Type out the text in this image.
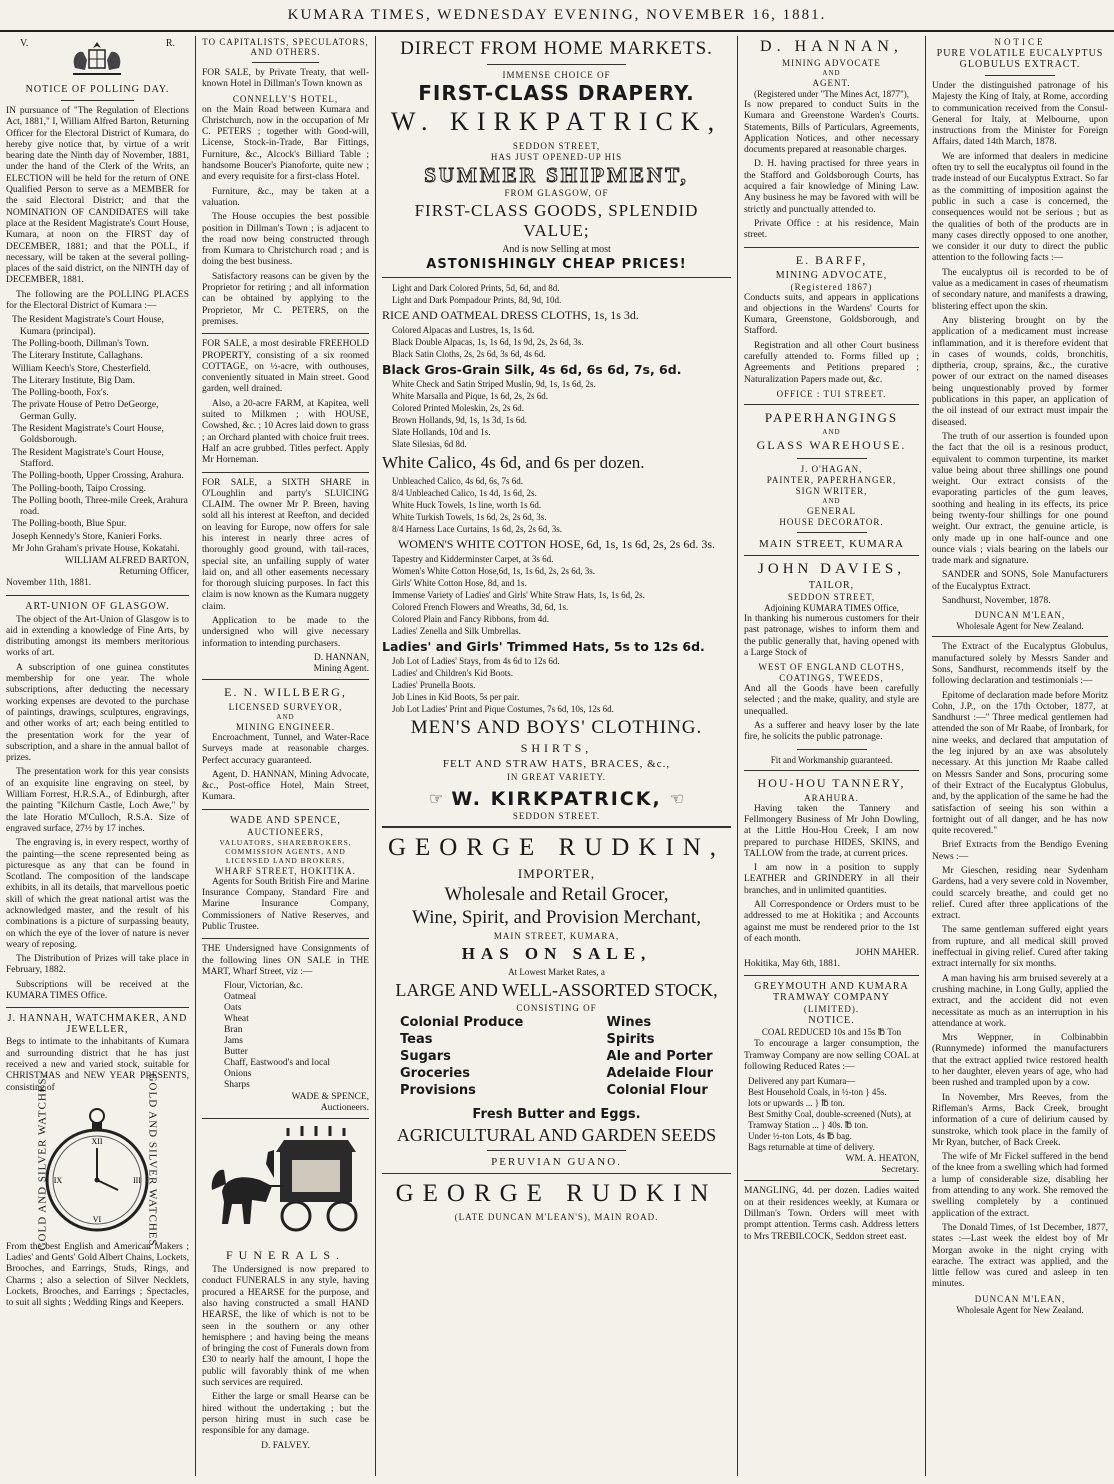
KUMARA TIMES, WEDNESDAY EVENING, NOVEMBER 16, 1881.
V.	R.
NOTICE OF POLLING DAY.

IN pursuance of "The Regulation of Elections Act, 1881," I, William Alfred Barton, Returning Officer for the Electoral District of Kumara, do hereby give notice that, by virtue of a writ bearing date the Ninth day of November, 1881, under the hand of the Clerk of the Writs, an ELECTION will be held for the return of ONE Qualified Person to serve as a MEMBER for the said Electoral District; and that the NOMINATION OF CANDIDATES will take place at the Resident Magistrate's Court House, Kumara, at noon on the FIRST day of DECEMBER, 1881; and that the POLL, if necessary, will be taken at the several polling-places of the said district, on the NINTH day of DECEMBER, 1881.

The following are the POLLING PLACES for the Electoral District of Kumara :—

The Resident Magistrate's Court House, Kumara (principal).

The Polling-booth, Dillman's Town.

The Literary Institute, Callaghans.

William Keech's Store, Chesterfield.

The Literary Institute, Big Dam.

The Polling-booth, Fox's.

The private House of Petro DeGeorge, German Gully.

The Resident Magistrate's Court House, Goldsborough.

The Resident Magistrate's Court House, Stafford.

The Polling-booth, Upper Crossing, Arahura.

The Polling-booth, Taipo Crossing.

The Polling booth, Three-mile Creek, Arahura road.

The Polling-booth, Blue Spur.

Joseph Kennedy's Store, Kanieri Forks.

Mr John Graham's private House, Kokatahi.

WILLIAM ALFRED BARTON,
Returning Officer,

November 11th, 1881.

ART-UNION OF GLASGOW.

The object of the Art-Union of Glasgow is to aid in extending a knowledge of Fine Arts, by distributing amongst its members meritorious works of art.

A subscription of one guinea constitutes membership for one year. The whole subscriptions, after deducting the necessary working expenses are devoted to the purchase of paintings, drawings, sculptures, engravings, and other works of art; each being entitled to the presentation work for the year of subscription, and a share in the annual ballot of prizes.

The presentation work for this year consists of an exquisite line engraving on steel, by William Forrest, H.R.S.A., of Edinburgh, after the painting "Kilchurn Castle, Loch Awe," by the late Horatio M'Culloch, R.S.A. Size of engraved surface, 27½ by 17 inches.

The engraving is, in every respect, worthy of the painting—the scene represented being as picturesque as any that can be found in Scotland. The composition of the landscape exhibits, in all its details, that marvellous poetic skill of which the great national artist was the acknowledged master, and the result of his combinations is a picture of surpassing beauty, on which the eye of the lover of nature is never weary of reposing.

The Distribution of Prizes will take place in February, 1882.

Subscriptions will be received at the KUMARA TIMES Office.

J. HANNAH, WATCHMAKER, AND JEWELLER,

Begs to intimate to the inhabitants of Kumara and surrounding district that he has just received a new and varied stock, suitable for CHRISTMAS and NEW YEAR PRESENTS, consisting of

GOLD AND SILVER WATCHES,	XII
III
VI
IX	GOLD AND SILVER WATCHES,

From the best English and American Makers ; Ladies' and Gents' Gold Albert Chains, Lockets, Brooches, and Earrings, Studs, Rings, and Charms ; also a selection of Silver Necklets, Lockets, Brooches, and Earrings ; Spectacles, to suit all sights ; Wedding Rings and Keepers.

TO CAPITALISTS, SPECULATORS, AND OTHERS.

FOR SALE, by Private Treaty, that well-known Hotel in Dillman's Town known as

CONNELLY'S HOTEL,

on the Main Road between Kumara and Christchurch, now in the occupation of Mr C. PETERS ; together with Good-will, License, Stock-in-Trade, Bar Fittings, Furniture, &c., Alcock's Billiard Table ; handsome Boucer's Pianoforte, quite new ; and every requisite for a first-class Hotel.

Furniture, &c., may be taken at a valuation.

The House occupies the best possible position in Dillman's Town ; is adjacent to the road now being constructed through from Kumara to Christchurch road ; and is doing the best business.

Satisfactory reasons can be given by the Proprietor for retiring ; and all information can be obtained by applying to the Proprietor, Mr C. PETERS, on the premises.

FOR SALE, a most desirable FREEHOLD PROPERTY, consisting of a six roomed COTTAGE, on ½-acre, with outhouses, conveniently situated in Main street. Good garden, well drained.

Also, a 20-acre FARM, at Kapitea, well suited to Milkmen ; with HOUSE, Cowshed, &c. ; 10 Acres laid down to grass ; an Orchard planted with choice fruit trees. Half an acre grubbed. Titles perfect. Apply Mr Horneman.

FOR SALE, a SIXTH SHARE in O'Loughlin and party's SLUICING CLAIM. The owner Mr P. Breen, having sold all his interest at Reefton, and decided on leaving for Europe, now offers for sale his interest in nearly three acres of thoroughly good ground, with tail-races, special site, an unfailing supply of water laid on, and all other easements necessary for thorough sluicing purposes. In fact this claim is now known as the Kumara nuggety claim.

Application to be made to the undersigned who will give necessary information to intending purchasers.

D. HANNAN,
Mining Agent.
E. N. WILLBERG,
LICENSED SURVEYOR,
AND
MINING ENGINEER.

Encroachment, Tunnel, and Water-Race Surveys made at reasonable charges. Perfect accuracy guaranteed.

Agent, D. HANNAN, Mining Advocate, &c., Post-office Hotel, Main Street, Kumara.

WADE AND SPENCE,
AUCTIONEERS,
VALUATORS, SHAREBROKERS, COMMISSION AGENTS, AND LICENSED LAND BROKERS,
WHARF STREET, HOKITIKA.

Agents for South British Fire and Marine Insurance Company, Standard Fire and Marine Insurance Company, Commissioners of Native Reserves, and Public Trustee.

THE Undersigned have Consignments of the following lines ON SALE in THE MART, Wharf Street, viz :—

Flour, Victorian, &c.
Oatmeal
Oats
Wheat
Bran
Jams
Butter
Chaff, Eastwood's and local
Onions
Sharps
WADE & SPENCE,
Auctioneers.
FUNERALS.

The Undersigned is now prepared to conduct FUNERALS in any style, having procured a HEARSE for the purpose, and also having constructed a small HAND HEARSE, the like of which is not to be seen in the southern or any other hemisphere ; and having being the means of bringing the cost of Funerals down from £30 to nearly half the amount, I hope the public will favorably think of me when such services are required.

Either the large or small Hearse can be hired without the undertaking ; but the person hiring must in such case be responsible for any damage.

D. FALVEY.
DIRECT FROM HOME MARKETS.
IMMENSE CHOICE OF
FIRST-CLASS DRAPERY.
W. KIRKPATRICK,
SEDDON STREET,
HAS JUST OPENED-UP HIS
SUMMER SHIPMENT,
FROM GLASGOW, OF
FIRST-CLASS GOODS, SPLENDID VALUE;
And is now Selling at most
ASTONISHINGLY CHEAP PRICES!
Light and Dark Colored Prints, 5d, 6d, and 8d.
Light and Dark Pompadour Prints, 8d, 9d, 10d.
RICE AND OATMEAL DRESS CLOTHS, 1s, 1s 3d.
Colored Alpacas and Lustres, 1s, 1s 6d.
Black Double Alpacas, 1s, 1s 6d, 1s 9d, 2s, 2s 6d, 3s.
Black Satin Cloths, 2s, 2s 6d, 3s 6d, 4s 6d.
Black Gros-Grain Silk, 4s 6d, 6s 6d, 7s, 6d.
White Check and Satin Striped Muslin, 9d, 1s, 1s 6d, 2s.
White Marsalla and Pique, 1s 6d, 2s, 2s 6d.
Colored Printed Moleskin, 2s, 2s 6d.
Brown Hollands, 9d, 1s, 1s 3d, 1s 6d.
Slate Hollands, 10d and 1s.
Slate Silesias, 6d 8d.
White Calico, 4s 6d, and 6s per dozen.
Unbleached Calico, 4s 6d, 6s, 7s 6d.
8/4 Unbleached Calico, 1s 4d, 1s 6d, 2s.
White Huck Towels, 1s line, worth 1s 6d.
White Turkish Towels, 1s 6d, 2s, 2s 6d, 3s.
8/4 Harness Lace Curtains, 1s 6d, 2s, 2s 6d, 3s.
WOMEN'S WHITE COTTON HOSE, 6d, 1s, 1s 6d, 2s, 2s 6d. 3s.
Tapestry and Kidderminster Carpet, at 3s 6d.
Women's White Cotton Hose,6d, 1s, 1s 6d, 2s, 2s 6d, 3s.
Girls' White Cotton Hose, 8d, and 1s.
Immense Variety of Ladies' and Girls' White Straw Hats, 1s, 1s 6d, 2s.
Colored French Flowers and Wreaths, 3d, 6d, 1s.
Colored Plain and Fancy Ribbons, from 4d.
Ladies' Zenella and Silk Umbrellas.
Ladies' and Girls' Trimmed Hats, 5s to 12s 6d.
Job Lot of Ladies' Stays, from 4s 6d to 12s 6d.
Ladies' and Children's Kid Boots.
Ladies' Prunella Boots.
Job Lines in Kid Boots, 5s per pair.
Job Lot Ladies' Print and Pique Costumes, 7s 6d, 10s, 12s 6d.
MEN'S AND BOYS' CLOTHING.
SHIRTS,
FELT AND STRAW HATS, BRACES, &c.,
IN GREAT VARIETY.
☞ W. KIRKPATRICK, ☜
SEDDON STREET.
GEORGE RUDKIN,
IMPORTER,
Wholesale and Retail Grocer,
Wine, Spirit, and Provision Merchant,
MAIN STREET, KUMARA,
HAS ON SALE,
At Lowest Market Rates, a
LARGE AND WELL-ASSORTED STOCK,
CONSISTING OF
Colonial Produce
Teas
Sugars
Groceries
Provisions
Wines
Spirits
Ale and Porter
Adelaide Flour
Colonial Flour
Fresh Butter and Eggs.
AGRICULTURAL AND GARDEN SEEDS
PERUVIAN GUANO.
GEORGE RUDKIN
(LATE DUNCAN M'LEAN'S), MAIN ROAD.
D. HANNAN,
MINING ADVOCATE
AND
AGENT.
(Registered under "The Mines Act, 1877"),

Is now prepared to conduct Suits in the Kumara and Greenstone Warden's Courts. Statements, Bills of Particulars, Agreements, Application Notices, and other necessary documents prepared at reasonable charges.

D. H. having practised for three years in the Stafford and Goldsborough Courts, has acquired a fair knowledge of Mining Law. Any business he may be favored with will be strictly and punctually attended to.

Private Office : at his residence, Main street.

E. BARFF,
MINING ADVOCATE,
(Registered 1867)

Conducts suits, and appears in applications and objections in the Wardens' Courts for Kumara, Greenstone, Goldsborough, and Stafford.

Registration and all other Court business carefully attended to. Forms filled up ; Agreements and Petitions prepared ; Naturalization Papers made out, &c.

OFFICE : TUI STREET.
PAPERHANGINGS
AND
GLASS WAREHOUSE.
J. O'HAGAN,
PAINTER, PAPERHANGER,
SIGN WRITER,
AND
GENERAL
HOUSE DECORATOR.
MAIN STREET, KUMARA
JOHN DAVIES,
TAILOR,
SEDDON STREET,
Adjoining KUMARA TIMES Office,

In thanking his numerous customers for their past patronage, wishes to inform them and the public generally that, having opened with a Large Stock of

WEST OF ENGLAND CLOTHS,
COATINGS, TWEEDS,

And all the Goods have been carefully selected ; and the make, quality, and style are unequalled.

As a sufferer and heavy loser by the late fire, he solicits the public patronage.

Fit and Workmanship guaranteed.
HOU-HOU TANNERY,
ARAHURA.

Having taken the Tannery and Fellmongery Business of Mr John Dowling, at the Little Hou-Hou Creek, I am now prepared to purchase HIDES, SKINS, and TALLOW from the trade, at current prices.

I am now in a position to supply LEATHER and GRINDERY in all their branches, and in unlimited quantities.

All Correspondence or Orders must to be addressed to me at Hokitika ; and Accounts against me must be rendered prior to the 1st of each month.

JOHN MAHER.

Hokitika, May 6th, 1881.

GREYMOUTH AND KUMARA TRAMWAY COMPANY
(LIMITED).
NOTICE.
COAL REDUCED 10s and 15s ℔ Ton

To encourage a larger consumption, the Tramway Company are now selling COAL at following Reduced Rates :—

Delivered any part Kumara—
Best Household Coals, in ½-ton } 45s.
lots or upwards ... } ℔ ton.
Best Smithy Coal, double-screened (Nuts), at Tramway Station ... } 40s. ℔ ton.
Under ½-ton Lots, 4s ℔ bag.
Bags returnable at time of delivery.
WM. A. HEATON,
Secretary.

MANGLING, 4d. per dozen. Ladies waited on at their residences weekly, at Kumara or Dillman's Town. Orders will meet with prompt attention. Terms cash. Address letters to Mrs TREBILCOCK, Seddon street east.

NOTICE
PURE VOLATILE EUCALYPTUS GLOBULUS EXTRACT.

Under the distinguished patronage of his Majesty the King of Italy, at Rome, according to communication received from the Consul-General for Italy, at Melbourne, upon instructions from the Minister for Foreign Affairs, dated 14th March, 1878.

We are informed that dealers in medicine often try to sell the eucalyptus oil found in the trade instead of our Eucalyptus Extract. So far as the committing of imposition against the public in such a case is concerned, the consequences would not be serious ; but as the qualities of both of the products are in many cases directly opposed to one another, we consider it our duty to direct the public attention to the following facts :—

The eucalyptus oil is recorded to be of value as a medicament in cases of rheumatism of secondary nature, and manifests a drawing, blistering effect upon the skin.

Any blistering brought on by the application of a medicament must increase inflammation, and it is therefore evident that in cases of wounds, colds, bronchitis, diptheria, croup, sprains, &c., the curative power of our extract on the named diseases being unquestionably proved by former publications in this paper, an application of the oil instead of our extract must impair the diseased.

The truth of our assertion is founded upon the fact that the oil is a resinous product, equivalent to common turpentine, its market value being about three shillings one pound weight. Our extract consists of the evaporating particles of the gum leaves, soothing and healing in its effects, its price being twenty-four shillings for one pound weight. Our extract, the genuine article, is only made up in one half-ounce and one ounce vials ; vials bearing on the labels our trade mark and signature.

SANDER and SONS, Sole Manufacturers of the Eucalyptus Extract.

Sandhurst, November, 1878.

DUNCAN M'LEAN,
Wholesale Agent for New Zealand.

The Extract of the Eucalyptus Globulus, manufactured solely by Messrs Sander and Sons, Sandhurst, recommends itself by the following declaration and testimonials :—

Epitome of declaration made before Moritz Cohn, J.P., on the 17th October, 1877, at Sandhurst :—" Three medical gentlemen had attended the son of Mr Raabe, of Ironbark, for nine weeks, and declared that amputation of the leg injured by an axe was absolutely necessary. At this junction Mr Raabe called on Messrs Sander and Sons, procuring some of their Extract of the Eucalyptus Globulus, and, by the application of the same he had the satisfaction of seeing his son within a fortnight out of all danger, and he has now quite recovered."

Brief Extracts from the Bendigo Evening News :—

Mr Gieschen, residing near Sydenham Gardens, had a very severe cold in November, could scarcely breathe, and could get no relief. Cured after three applications of the extract.

The same gentleman suffered eight years from rupture, and all medical skill proved ineffectual in giving relief. Cured after taking extract internally for six months.

A man having his arm bruised severely at a crushing machine, in Long Gully, applied the extract, and the accident did not even necessitate as much as an interruption in his attendance at work.

Mrs Weppner, in Colbinabbin (Runnymede) informed the manufacturers that the extract applied twice restored health to her daughter, eleven years of age, who had been rushed and trampled upon by a cow.

In November, Mrs Reeves, from the Rifleman's Arms, Back Creek, brought information of a cure of delirium caused by sunstroke, which took place in the family of Mr Ryan, butcher, of Back Creek.

The wife of Mr Fickel suffered in the bend of the knee from a swelling which had formed a lump of considerable size, disabling her from attending to any work. She removed the swelling completely by a continued application of the extract.

The Donald Times, of 1st December, 1877, states :—Last week the eldest boy of Mr Morgan awoke in the night crying with earache. The extract was applied, and the little fellow was cured and asleep in ten minutes.

DUNCAN M'LEAN,
Wholesale Agent for New Zealand.
